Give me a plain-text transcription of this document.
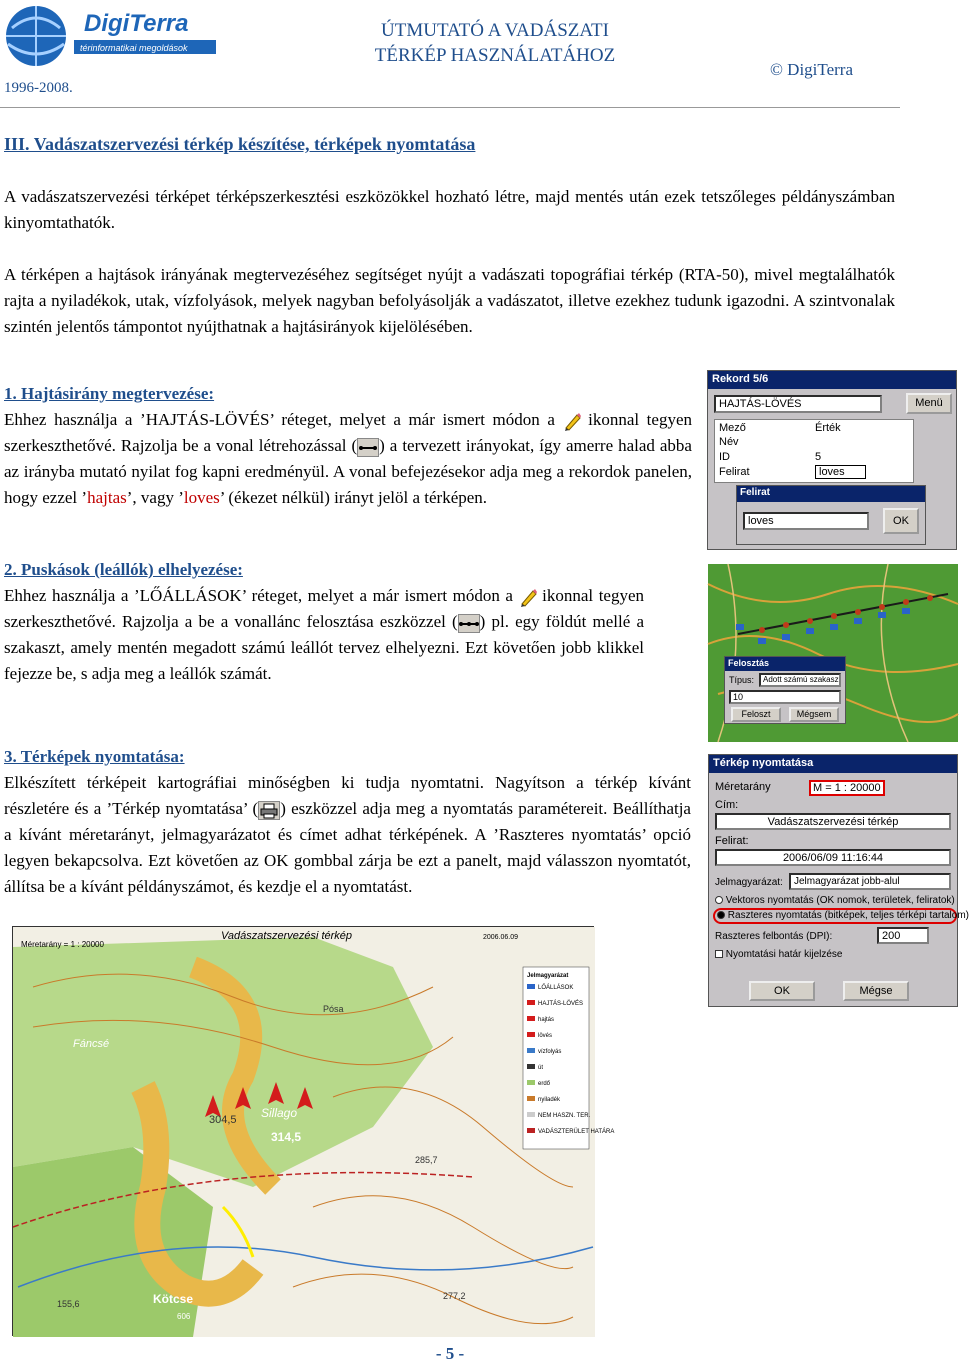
DigiTerra
térinformatikai megoldások
1996-2008.
ÚTMUTATÓ A VADÁSZATI
TÉRKÉP HASZNÁLATÁHOZ
© DigiTerra
III. Vadászatszervezési térkép készítése, térképek nyomtatása

A vadászatszervezési térképet térképszerkesztési eszközökkel hozható létre, majd mentés után ezek tetszőleges példányszámban kinyomtathatók.

A térképen a hajtások irányának megtervezéséhez segítséget nyújt a vadászati topográfiai térkép (RTA-50), mivel megtalálhatók rajta a nyiladékok, utak, vízfolyások, melyek nagyban befolyásolják a vadászatot, illetve ezekhez tudunk igazodni. A szintvonalak szintén jelentős támpontot nyújthatnak a hajtásirányok kijelölésében.

1. Hajtásirány megtervezése:

Ehhez használja a ’HAJTÁS-LÖVÉS’ réteget, melyet a már ismert módon a  ikonnal tegyen szerkeszthetővé. Rajzolja be a vonal létrehozással ( ) a tervezett irányokat, így amerre halad abba az irányba mutató nyilat fog kapni eredményül. A vonal befejezésekor adja meg a rekordok panelen, hogy ezzel ’hajtas’, vagy ’loves’ (ékezet nélkül) irányt jelöl a térképen.

Rekord 5/6
HAJTÁS-LÖVÉS	Menü
Mező	Érték
Név
ID	5
Felirat	loves
Felirat
loves	OK

2. Puskások (leállók) elhelyezése:

Ehhez használja a ’LŐÁLLÁSOK’ réteget, melyet a már ismert módon a  ikonnal tegyen szerkeszthetővé. Rajzolja a be a vonallánc felosztása eszközzel ( ) pl. egy földút mellé a szakaszt, amely mentén megadott számú leállót tervez elhelyezni. Ezt követően jobb klikkel fejezze be, s adja meg a leállók számát.

Felosztás
Típus:	Adott számú szakasz
10
Feloszt	Mégsem

3. Térképek nyomtatása:

Elkészített térképeit kartográfiai minőségben ki tudja nyomtatni. Nagyítson a térkép kívánt részletére és a ’Térkép nyomtatása’ ( ) eszközzel adja meg a nyomtatás paramétereit. Beállíthatja a kívánt méretarányt, jelmagyarázatot és címet adhat térképének. A ’Raszteres nyomtatás’ opció legyen bekapcsolva. Ezt követően az OK gombbal zárja be ezt a panelt, majd válasszon nyomtatót, állítsa be a kívánt példányszámot, és kezdje el a nyomtatást.

Térkép nyomtatása
Méretarány	M = 1 : 20000
Cím:
Vadászatszervezési térkép
Felirat:
2006/06/09 11:16:44
Jelmagyarázat:	Jelmagyarázat jobb-alul
Vektoros nyomtatás (OK nomok, területek, feliratok)
Raszteres nyomtatás (bitképek, teljes térképi tartalom)
Raszteres felbontás (DPI):	200
Nyomtatási határ kijelzése
OK	Mégse
Méretarány = 1 : 20000
Vadászatszervezési térkép	2006.06.09
Fáncsé
Kötcse
Sillago
Pósa
304,5
314,5
285,7
277,2
155,6
606
Jelmagyarázat
LŐÁLLÁSOK
HAJTÁS-LÖVÉS
hajtás
lövés
vízfolyás
út
erdő
nyiladék
NEM HASZN. TER.
VADÁSZTERÜLET HATÁRA
- 5 -
